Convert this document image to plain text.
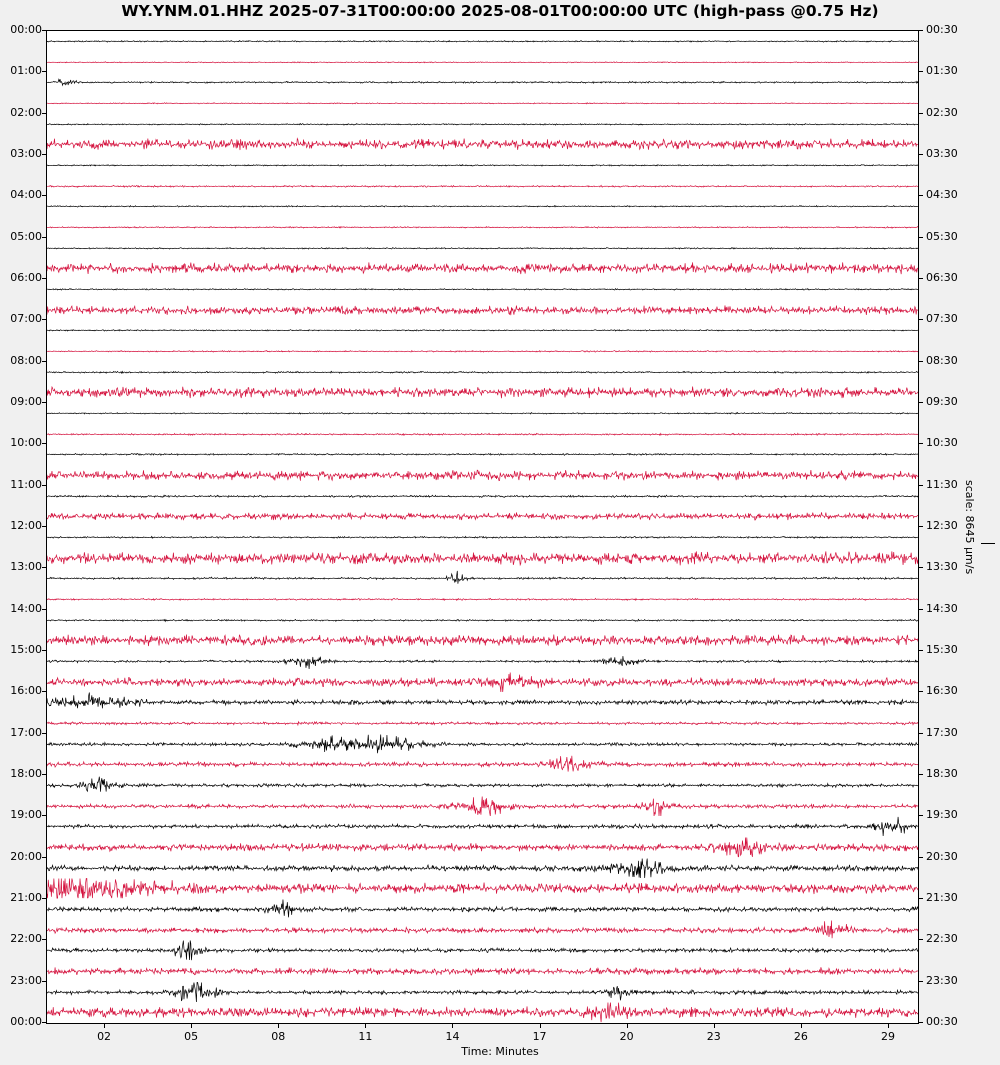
WY.YNM.01.HHZ 2025-07-31T00:00:00 2025-08-01T00:00:00 UTC (high-pass @0.75 Hz)
00:00
01:00
02:00
03:00
04:00
05:00
06:00
07:00
08:00
09:00
10:00
11:00
12:00
13:00
14:00
15:00
16:00
17:00
18:00
19:00
20:00
21:00
22:00
23:00
00:00
00:30
01:30
02:30
03:30
04:30
05:30
06:30
07:30
08:30
09:30
10:30
11:30
12:30
13:30
14:30
15:30
16:30
17:30
18:30
19:30
20:30
21:30
22:30
23:30
00:30
02	05	08	11	14	17	20	23	26	29
Time: Minutes
scale: 8645 µm/s
